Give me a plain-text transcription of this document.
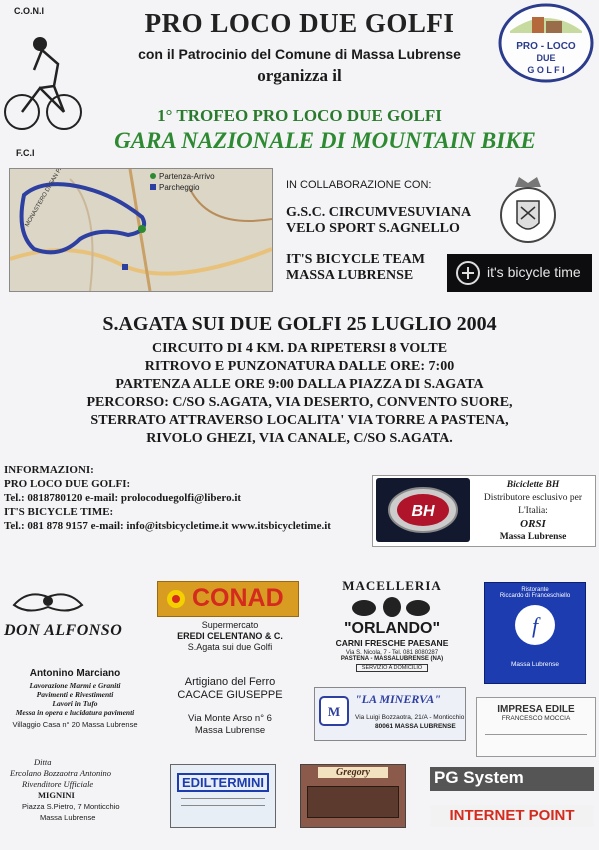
C.O.N.I
F.C.I
PRO LOCO DUE GOLFI
con il Patrocinio del Comune di Massa Lubrense
organizza il
PRO - LOCO
DUE
G O L F I
1° TROFEO PRO LOCO DUE GOLFI
GARA NAZIONALE DI MOUNTAIN BIKE
Partenza-Arrivo
Parcheggio	IN COLLABORAZIONE CON:
G.S.C. CIRCUMVESUVIANA
VELO SPORT S.AGNELLO
IT'S BICYCLE TEAM
MASSA LUBRENSE	it's bicycle time
S.AGATA SUI DUE GOLFI 25 LUGLIO 2004
CIRCUITO DI 4 KM. DA RIPETERSI 8 VOLTE
RITROVO E PUNZONATURA DALLE ORE: 7:00
PARTENZA ALLE ORE 9:00 DALLA PIAZZA DI S.AGATA
PERCORSO: C/SO S.AGATA, VIA DESERTO, CONVENTO SUORE,
STERRATO ATTRAVERSO LOCALITA' VIA TORRE A PASTENA,
RIVOLO GHEZI, VIA CANALE, C/SO S.AGATA.
INFORMAZIONI:
PRO LOCO DUE GOLFI:
Tel.: 0818780120 e-mail: prolocoduegolfi@libero.it
IT'S BICYCLE TIME:
Tel.: 081 878 9157 e-mail: info@itsbicycletime.it www.itsbicycletime.it
BH
Biciclette BH
Distributore esclusivo per
L'Italia:
ORSI
Massa Lubrense
DON ALFONSO
Antonino Marciano
Lavorazione Marmi e Graniti
Pavimenti e Rivestimenti
Lavori in Tufo
Messa in opera e lucidatura pavimenti
Villaggio Casa n° 20 Massa Lubrense
Ditta
Ercolano Bozzaotra Antonino
Rivenditore Ufficiale
MIGNINI
Piazza S.Pietro, 7 Monticchio
Massa Lubrense
CONAD
Supermercato
EREDI CELENTANO & C.
S.Agata sui due Golfi
Artigiano del Ferro
CACACE GIUSEPPE
Via Monte Arso n° 6
Massa Lubrense
MACELLERIA
"ORLANDO"
CARNI FRESCHE PAESANE
Via S. Nicola, 7 - Tel. 081 8080287
PASTENA - MASSALUBRENSE (NA)
SERVIZIO A DOMICILIO
M
"LA MINERVA"
Via Luigi Bozzaotra, 21/A - Monticchio
80061 MASSA LUBRENSE
Ristorante
Riccardo di Franceschiello
f
Massa Lubrense
IMPRESA EDILE
FRANCESCO MOCCIA
EDILTERMINI
Gregory	PG System
INTERNET POINT
